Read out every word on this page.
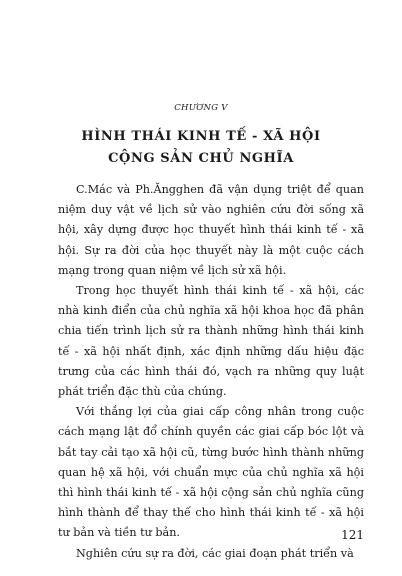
CHƯƠNG V
HÌNH THÁI KINH TẾ - XÃ HỘI
CỘNG SẢN CHỦ NGHĨA

C.Mác và Ph.Ăngghen đã vận dụng triệt để quan niệm duy vật về lịch sử vào nghiên cứu đời sống xã hội, xây dựng được học thuyết hình thái kinh tế - xã hội. Sự ra đời của học thuyết này là một cuộc cách mạng trong quan niệm về lịch sử xã hội.

Trong học thuyết hình thái kinh tế - xã hội, các nhà kinh điển của chủ nghĩa xã hội khoa học đã phân chia tiến trình lịch sử ra thành những hình thái kinh tế - xã hội nhất định, xác định những dấu hiệu đặc trưng của các hình thái đó, vạch ra những quy luật phát triển đặc thù của chúng.

Với thắng lợi của giai cấp công nhân trong cuộc cách mạng lật đổ chính quyền các giai cấp bóc lột và bắt tay cải tạo xã hội cũ, từng bước hình thành những quan hệ xã hội, với chuẩn mực của chủ nghĩa xã hội thì hình thái kinh tế - xã hội cộng sản chủ nghĩa cũng hình thành để thay thế cho hình thái kinh tế - xã hội tư bản và tiền tư bản.

Nghiên cứu sự ra đời, các giai đoạn phát triển và

121
